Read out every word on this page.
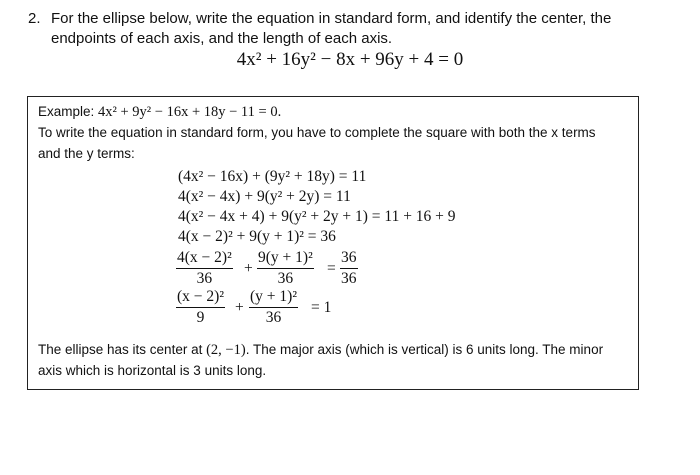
2. For the ellipse below, write the equation in standard form, and identify the center, the
endpoints of each axis, and the length of each axis.
4x² + 16y² − 8x + 96y + 4 = 0
Example: 4x² + 9y² − 16x + 18y − 11 = 0.
To write the equation in standard form, you have to complete the square with both the x terms
and the y terms:
(4x² − 16x) + (9y² + 18y) = 11
4(x² − 4x) + 9(y² + 2y) = 11
4(x² − 4x + 4) + 9(y² + 2y + 1) = 11 + 16 + 9
4(x − 2)² + 9(y + 1)² = 36
4(x − 2)²
36
+
9(y + 1)²
36
=
36
36
(x − 2)²
9
+
(y + 1)²
36
= 1
The ellipse has its center at (2, −1). The major axis (which is vertical) is 6 units long. The minor
axis which is horizontal is 3 units long.
